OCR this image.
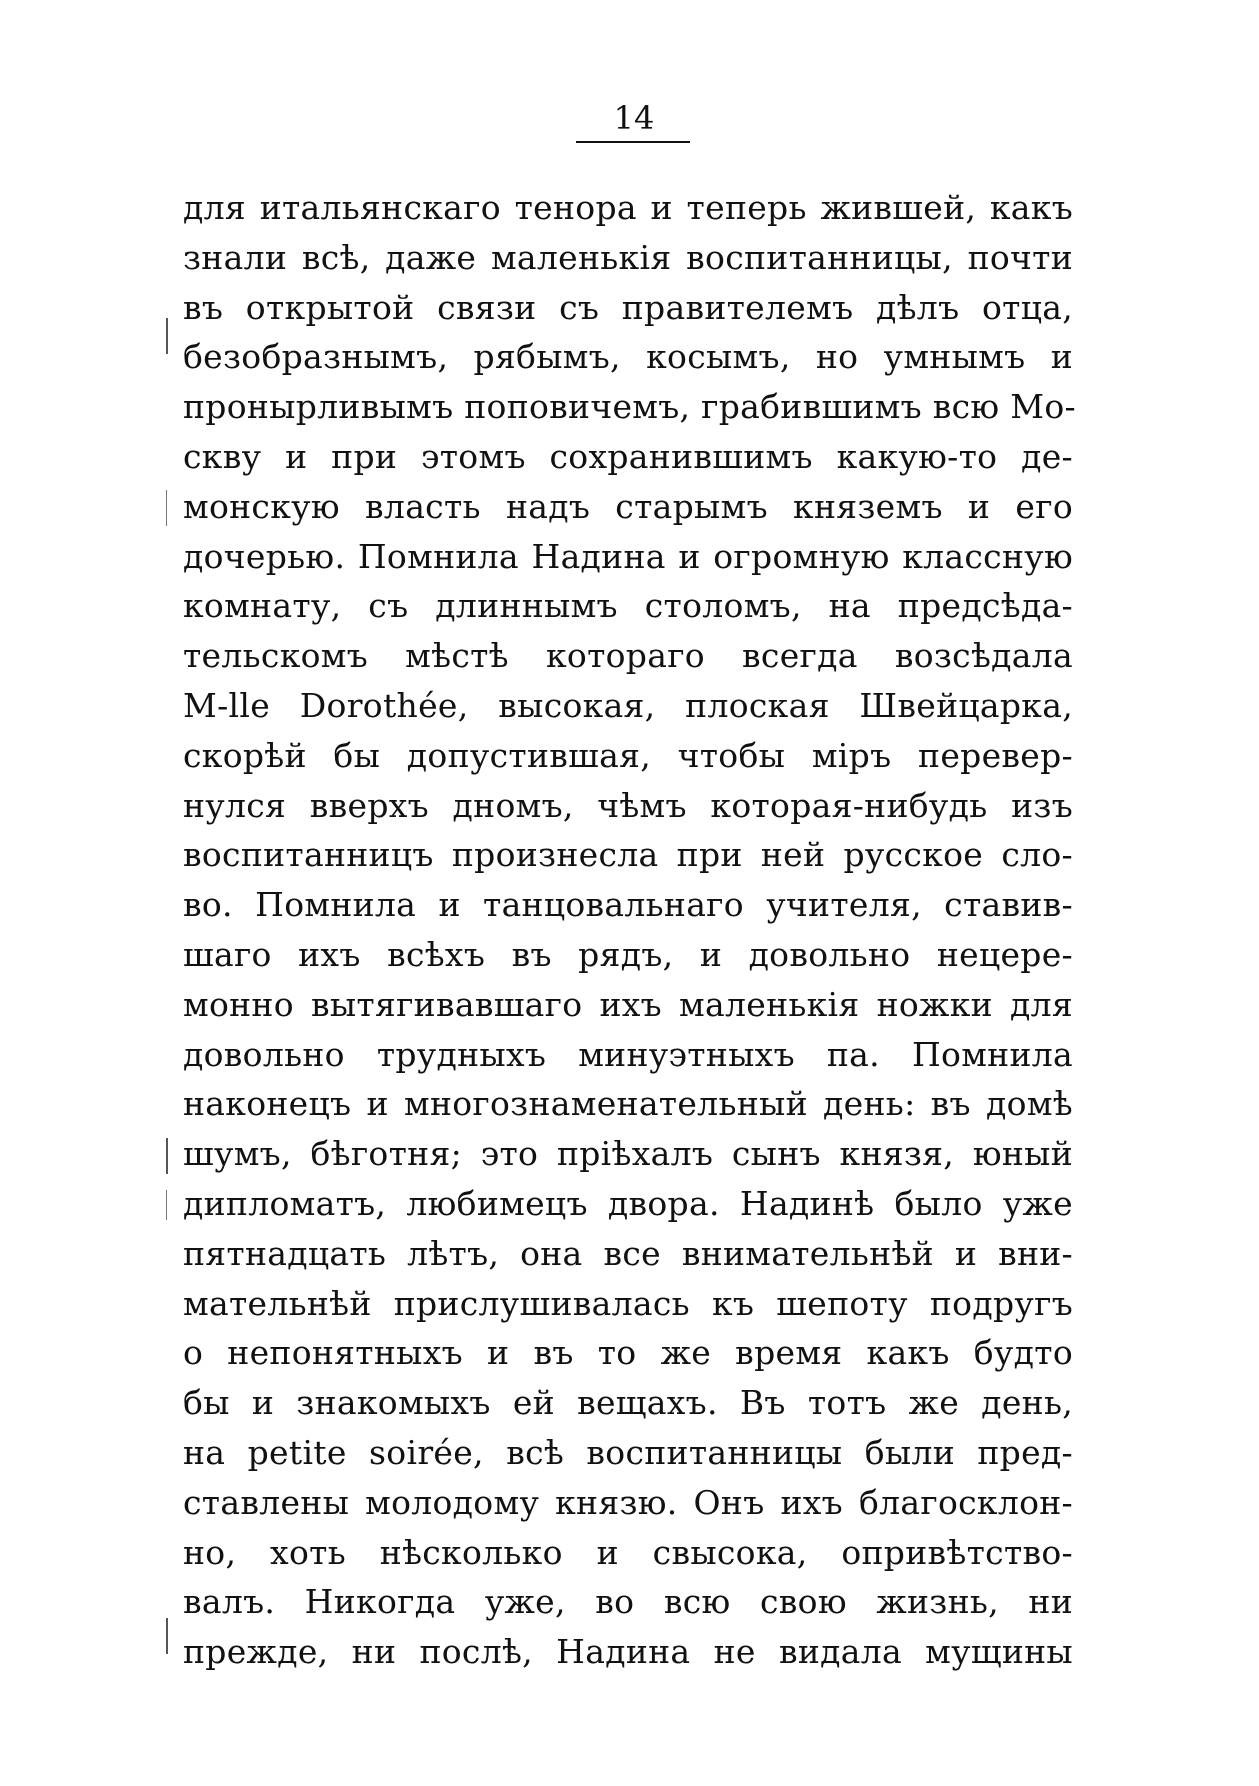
14
для итальянскаго тенора и теперь жившей, какъ
знали всѣ, даже маленькія воспитанницы, почти
въ открытой связи съ правителемъ дѣлъ отца,
безобразнымъ, рябымъ, косымъ, но умнымъ и
пронырливымъ поповичемъ, грабившимъ всю Мо-
скву и при этомъ сохранившимъ какую-то де-
монскую власть надъ старымъ княземъ и его
дочерью. Помнила Надина и огромную классную
комнату, съ длиннымъ столомъ, на предсѣда-
тельскомъ мѣстѣ котораго всегда возсѣдала
M-lle Dorothée, высокая, плоская Швейцарка,
скорѣй бы допустившая, чтобы міръ перевер-
нулся вверхъ дномъ, чѣмъ которая-нибудь изъ
воспитанницъ произнесла при ней русское сло-
во. Помнила и танцовальнаго учителя, ставив-
шаго ихъ всѣхъ въ рядъ, и довольно нецере-
монно вытягивавшаго ихъ маленькія ножки для
довольно трудныхъ минуэтныхъ па. Помнила
наконецъ и многознаменательный день: въ домѣ
шумъ, бѣготня; это пріѣхалъ сынъ князя, юный
дипломатъ, любимецъ двора. Надинѣ было уже
пятнадцать лѣтъ, она все внимательнѣй и вни-
мательнѣй прислушивалась къ шепоту подругъ
о непонятныхъ и въ то же время какъ будто
бы и знакомыхъ ей вещахъ. Въ тотъ же день,
на petite soirée, всѣ воспитанницы были пред-
ставлены молодому князю. Онъ ихъ благосклон-
но, хоть нѣсколько и свысока, опривѣтство-
валъ. Никогда уже, во всю свою жизнь, ни
прежде, ни послѣ, Надина не видала мущины
